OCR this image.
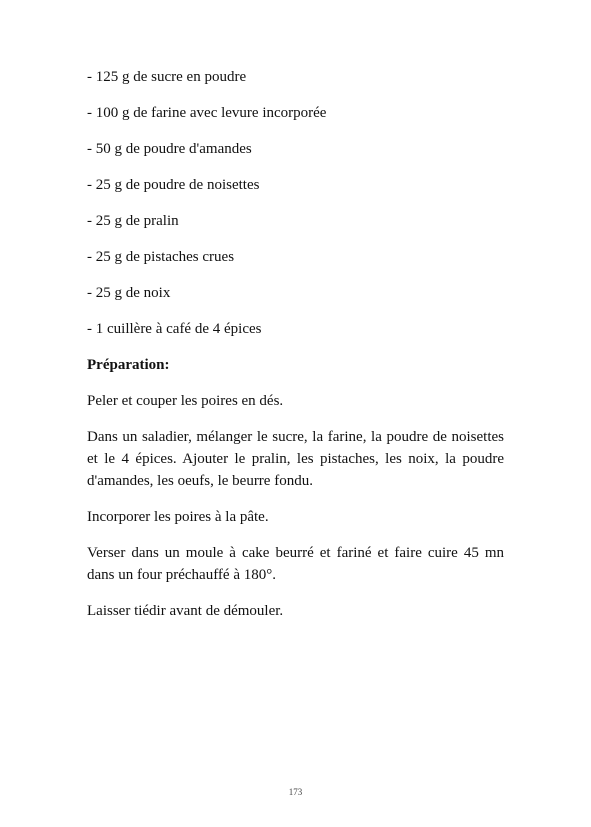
- 125 g de sucre en poudre
- 100 g de farine avec levure incorporée
- 50 g de poudre d'amandes
- 25 g de poudre de noisettes
- 25 g de pralin
- 25 g de pistaches crues
- 25 g de noix
- 1 cuillère à café de 4 épices
Préparation:

Peler et couper les poires en dés.

Dans un saladier, mélanger le sucre, la farine, la poudre de noisettes et le 4 épices. Ajouter le pralin, les pistaches, les noix, la poudre d'amandes, les oeufs, le beurre fondu.

Incorporer les poires à la pâte.

Verser dans un moule à cake beurré et fariné et faire cuire 45 mn dans un four préchauffé à 180°.

Laisser tiédir avant de démouler.

173
